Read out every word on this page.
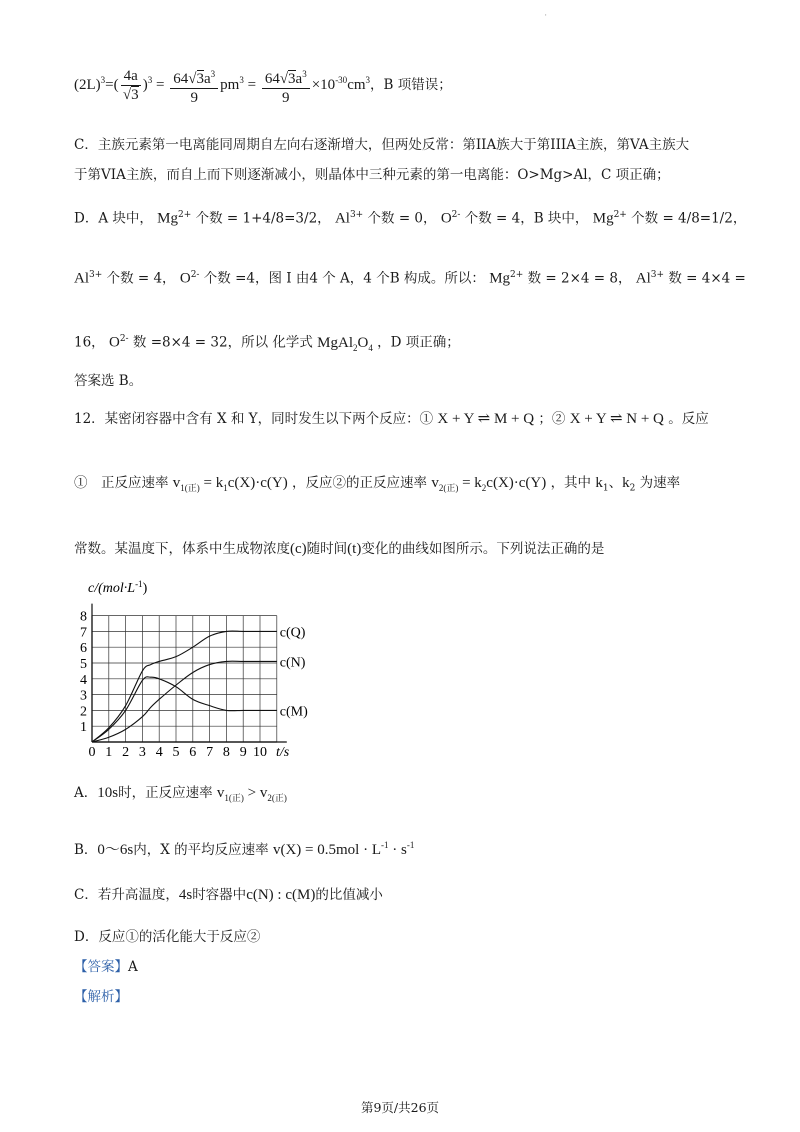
'
$(2L)^3=( \frac{4a}{√3} )^3 = \frac{64√3a^3}{9} pm^3 = \frac{64√3a^3}{9} \times 10^{-30}cm^3$，B 项错误；
C．主族元素第一电离能同周期自左向右逐渐增大，但两处反常：第IIA族大于第IIIA主族，第VA主族大
于第VIA主族，而自上而下则逐渐减小，则晶体中三种元素的第一电离能：O>Mg>Al，C 项正确；
D．A 块中， $Mg^{2+}$ 个数 = 1+4/8=3/2， $Al^{3+}$ 个数 = 0， $O^{2-}$ 个数 = 4，B 块中， $Mg^{2+}$ 个数 = 4/8=1/2，
$Al^{3+}$ 个数 = 4， $O^{2-}$ 个数 =4，图 I 由4 个 A，4 个B 构成。所以： $Mg^{2+}$ 数 = 2×4 = 8， $Al^{3+}$ 数 = 4×4 =
16， $O^{2-}$ 数 =8×4 = 32，所以 化学式 $MgAl_2O_4$ ，D 项正确；
答案选 B。
12．某密闭容器中含有 X 和 Y，同时发生以下两个反应：① X + Y ⇌ M + Q ；② X + Y ⇌ N + Q 。反应
①　正反应速率 $v_{1(正)} = k_1c(X)\cdot c(Y)$ ，反应②的正反应速率 $v_{2(正)} = k_2c(X)\cdot c(Y)$ ，其中 $k_1$、$k_2$ 为速率
常数。某温度下，体系中生成物浓度(c)随时间(t)变化的曲线如图所示。下列说法正确的是
c(Q)
c(N)
c(M)
0 1 2 3 4 5 6 7 8 9 10
1
2
3
4
5
6
7
8
$c/(mol\cdot L^{-1})$
t/s
A．10s时，正反应速率 $v_{1(正)} > v_{2(正)}$
B．0～6s内，X 的平均反应速率 $v(X) = 0.5mol \cdot L^{-1} \cdot s^{-1}$
C．若升高温度，4s时容器中c(N) : c(M)的比值减小
D．反应①的活化能大于反应②
【答案】A
【解析】
第9页/共26页
